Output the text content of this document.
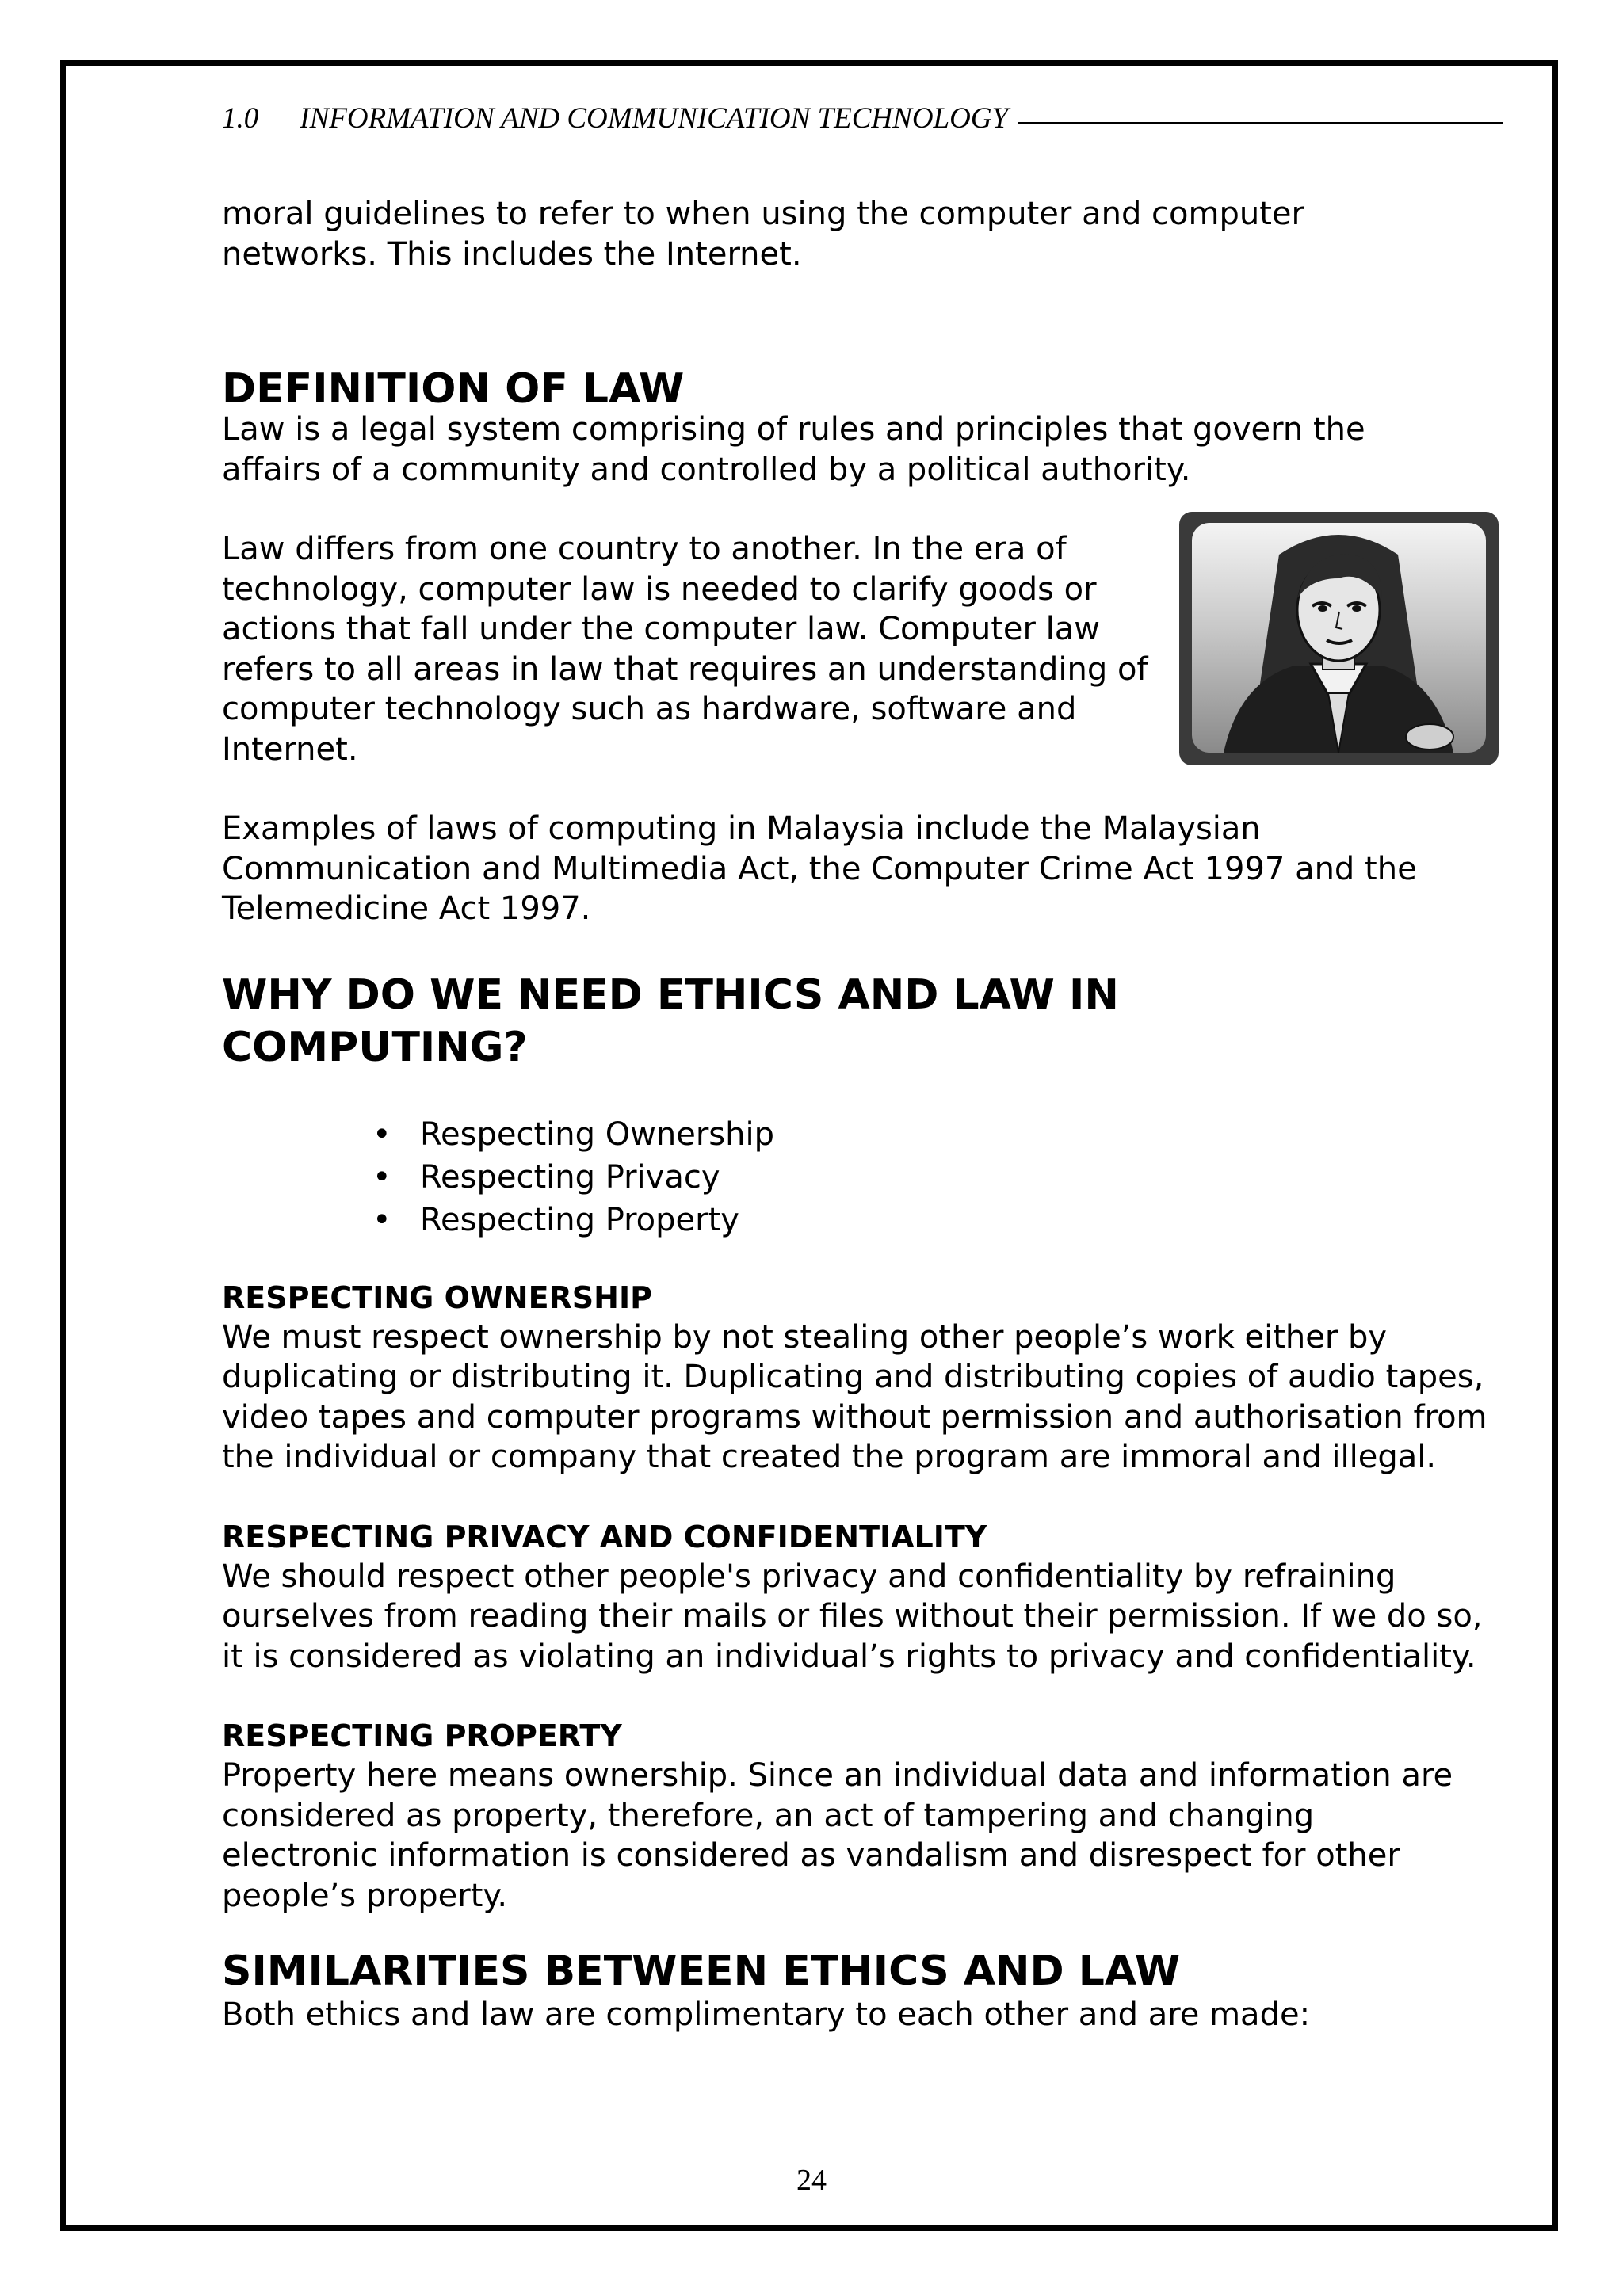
1.0 INFORMATION AND COMMUNICATION TECHNOLOGY

moral guidelines to refer to when using the computer and computer networks. This includes the Internet.

DEFINITION OF LAW

Law is a legal system comprising of rules and principles that govern the affairs of a community and controlled by a political authority.

Law differs from one country to another. In the era of technology, computer law is needed to clarify goods or actions that fall under the computer law. Computer law refers to all areas in law that requires an understanding of computer technology such as hardware, software and Internet.

Examples of laws of computing in Malaysia include the Malaysian Communication and Multimedia Act, the Computer Crime Act 1997 and the Telemedicine Act 1997.

WHY DO WE NEED ETHICS AND LAW IN COMPUTING?
• Respecting Ownership
• Respecting Privacy
• Respecting Property
RESPECTING OWNERSHIP

We must respect ownership by not stealing other people’s work either by duplicating or distributing it. Duplicating and distributing copies of audio tapes, video tapes and computer programs without permission and authorisation from the individual or company that created the program are immoral and illegal.

RESPECTING PRIVACY AND CONFIDENTIALITY

We should respect other people's privacy and confidentiality by refraining ourselves from reading their mails or files without their permission. If we do so, it is considered as violating an individual’s rights to privacy and confidentiality.

RESPECTING PROPERTY

Property here means ownership. Since an individual data and information are considered as property, therefore, an act of tampering and changing electronic information is considered as vandalism and disrespect for other people’s property.

SIMILARITIES BETWEEN ETHICS AND LAW

Both ethics and law are complimentary to each other and are made:

24
